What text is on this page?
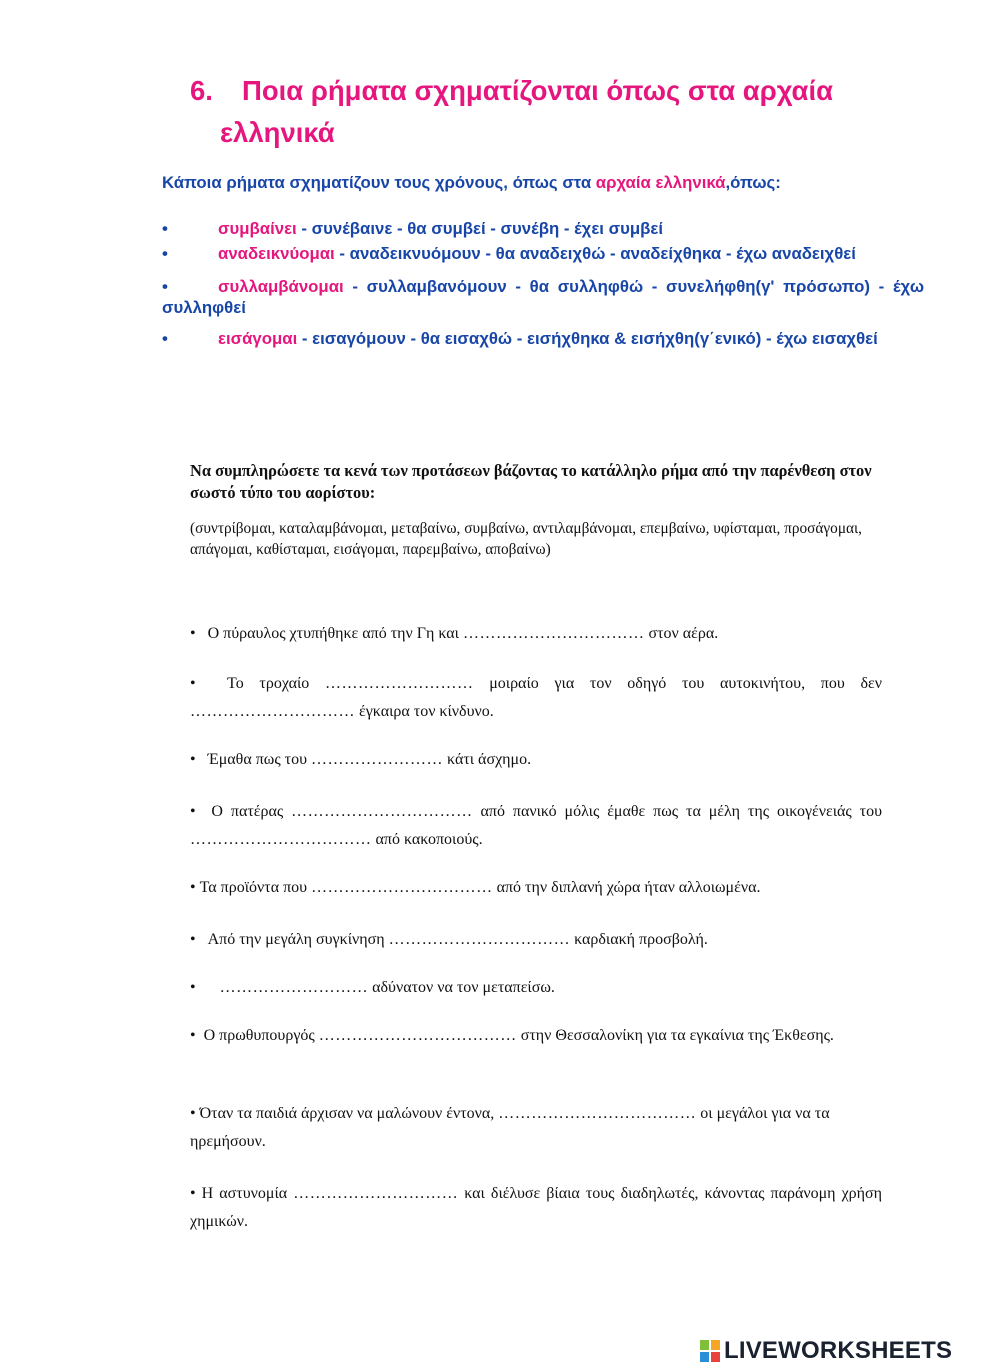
6. Ποια ρήματα σχηματίζονται όπως στα αρχαία
ελληνικά
Κάποια ρήματα σχηματίζουν τους χρόνους, όπως στα αρχαία ελληνικά,όπως:
•	συμβαίνει - συνέβαινε - θα συμβεί - συνέβη - έχει συμβεί
•	αναδεικνύομαι - αναδεικνυόμουν - θα αναδειχθώ - αναδείχθηκα - έχω αναδειχθεί
•	συλλαμβάνομαι - συλλαμβανόμουν - θα συλληφθώ - συνελήφθη(γ' πρόσωπο) - έχω συλληφθεί
•	εισάγομαι - εισαγόμουν - θα εισαχθώ - εισήχθηκα & εισήχθη(γ΄ενικό) - έχω εισαχθεί
Να συμπληρώσετε τα κενά των προτάσεων βάζοντας το κατάλληλο ρήμα από την παρένθεση στον σωστό τύπο του αορίστου:
(συντρίβομαι, καταλαμβάνομαι, μεταβαίνω, συμβαίνω, αντιλαμβάνομαι, επεμβαίνω, υφίσταμαι, προσάγομαι, απάγομαι, καθίσταμαι, εισάγομαι, παρεμβαίνω, αποβαίνω)
• Ο πύραυλος χτυπήθηκε από την Γη και …………………………… στον αέρα.
• Το τροχαίο ……………………… μοιραίο για τον οδηγό του αυτοκινήτου, που δεν ………………………… έγκαιρα τον κίνδυνο.
• Έμαθα πως του …………………… κάτι άσχημο.
• Ο πατέρας …………………………… από πανικό μόλις έμαθε πως τα μέλη της οικογένειάς του …………………………… από κακοποιούς.
• Τα προϊόντα που …………………………… από την διπλανή χώρα ήταν αλλοιωμένα.
• Από την μεγάλη συγκίνηση …………………………… καρδιακή προσβολή.
• ……………………… αδύνατον να τον μεταπείσω.
• Ο πρωθυπουργός ……………………………… στην Θεσσαλονίκη για τα εγκαίνια της Έκθεσης.
• Όταν τα παιδιά άρχισαν να μαλώνουν έντονα, ……………………………… οι μεγάλοι για να τα ηρεμήσουν.
• Η αστυνομία ………………………… και διέλυσε βίαια τους διαδηλωτές, κάνοντας παράνομη χρήση χημικών.
LIVEWORKSHEETS
